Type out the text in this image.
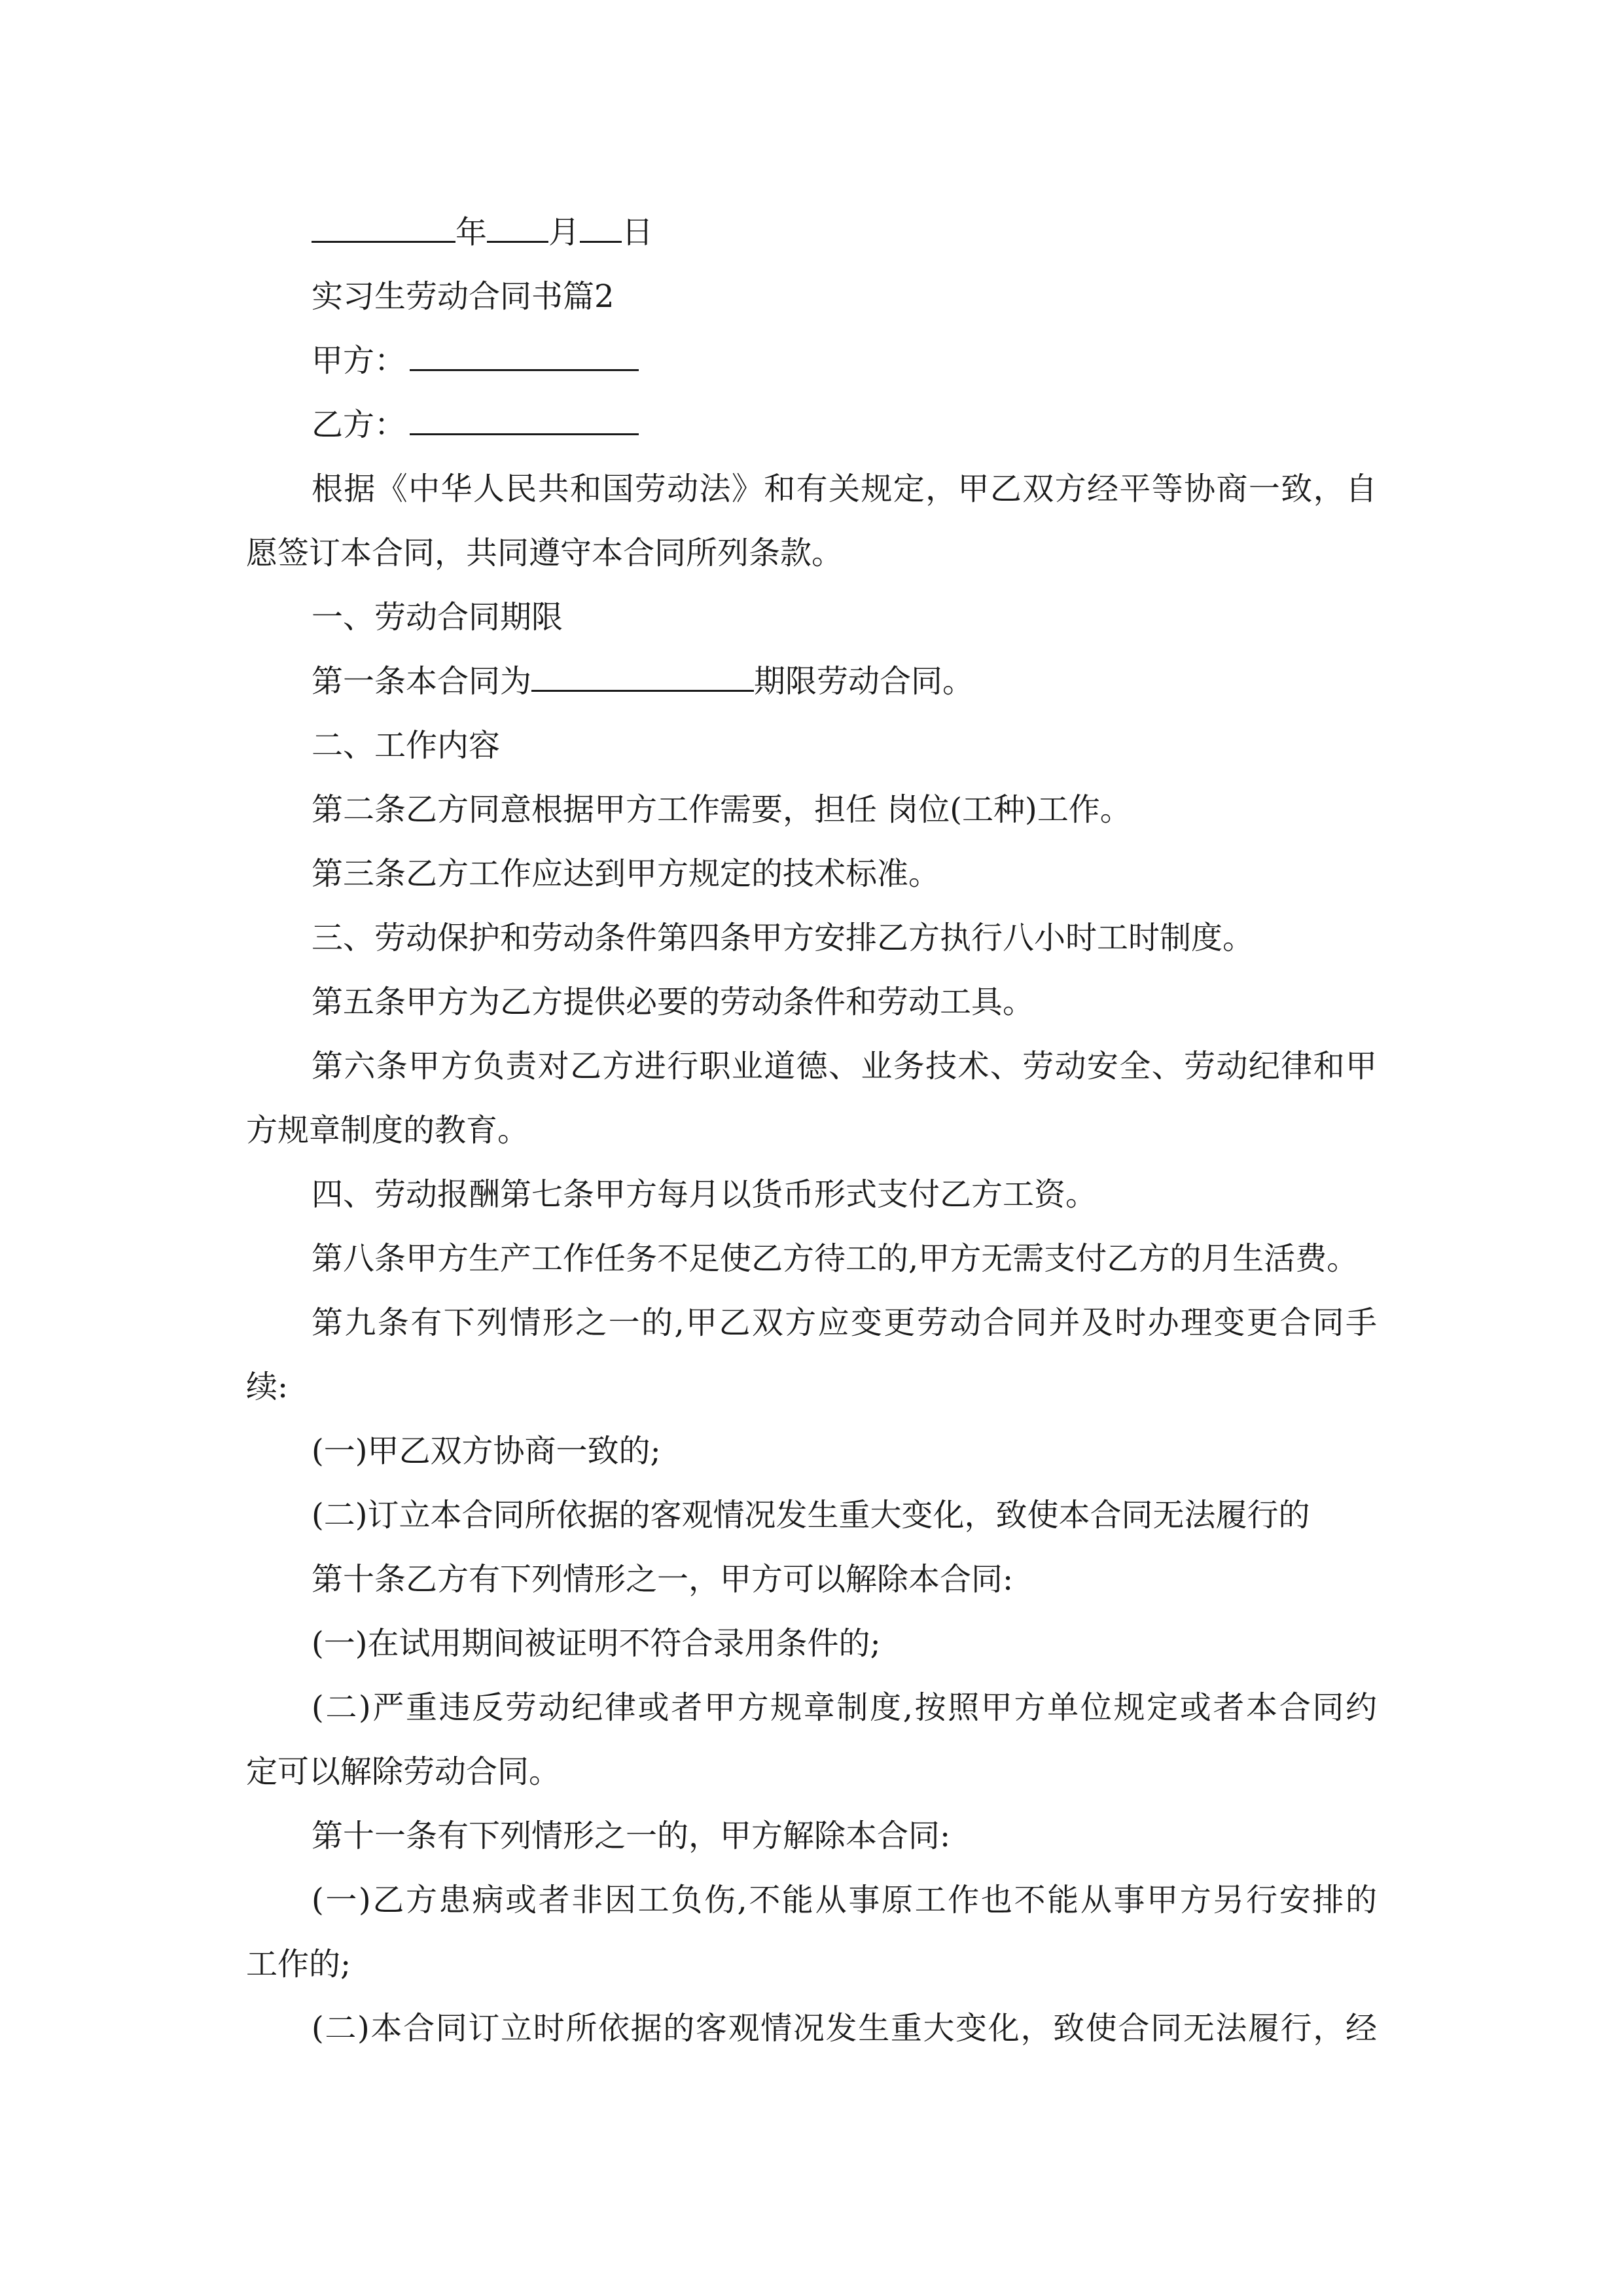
年 月 日
实习生劳动合同书篇2
甲方：
乙方：
根据《中华人民共和国劳动法》和有关规定，甲乙双方经平等协商一致，自
愿签订本合同，共同遵守本合同所列条款。
一、劳动合同期限
第一条本合同为	期限劳动合同。
二、工作内容
第二条乙方同意根据甲方工作需要，担任 岗位(工种)工作。
第三条乙方工作应达到甲方规定的技术标准。
三、劳动保护和劳动条件第四条甲方安排乙方执行八小时工时制度。
第五条甲方为乙方提供必要的劳动条件和劳动工具。
第六条甲方负责对乙方进行职业道德、业务技术、劳动安全、劳动纪律和甲
方规章制度的教育。
四、劳动报酬第七条甲方每月以货币形式支付乙方工资。
第八条甲方生产工作任务不足使乙方待工的,甲方无需支付乙方的月生活费。
第九条有下列情形之一的,甲乙双方应变更劳动合同并及时办理变更合同手
续:
(一)甲乙双方协商一致的;
(二)订立本合同所依据的客观情况发生重大变化，致使本合同无法履行的
第十条乙方有下列情形之一，甲方可以解除本合同:
(一)在试用期间被证明不符合录用条件的;
(二)严重违反劳动纪律或者甲方规章制度,按照甲方单位规定或者本合同约
定可以解除劳动合同。
第十一条有下列情形之一的，甲方解除本合同:
(一)乙方患病或者非因工负伤,不能从事原工作也不能从事甲方另行安排的
工作的;
(二)本合同订立时所依据的客观情况发生重大变化，致使合同无法履行，经
